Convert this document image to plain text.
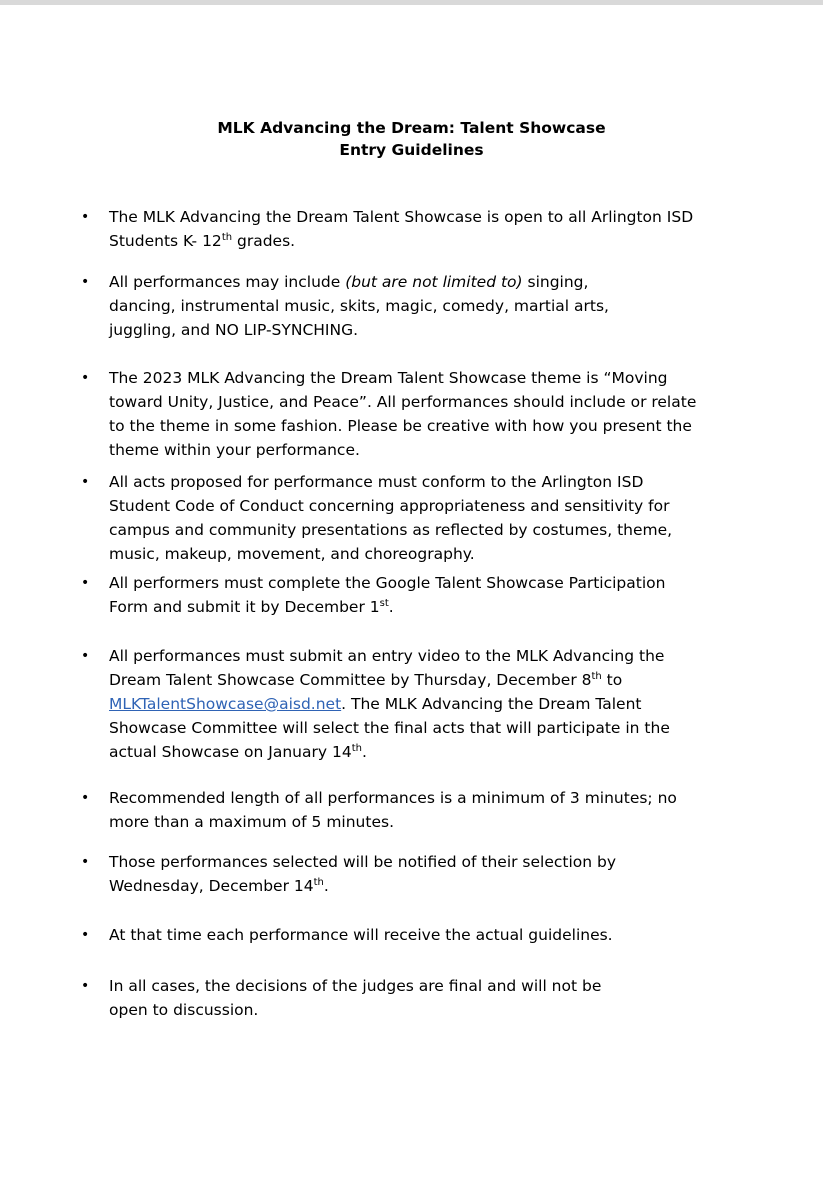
MLK Advancing the Dream: Talent Showcase
Entry Guidelines
• The MLK Advancing the Dream Talent Showcase is open to all Arlington ISD
Students K- 12th grades.
• All performances may include (but are not limited to) singing,
dancing, instrumental music, skits, magic, comedy, martial arts,
juggling, and NO LIP-SYNCHING.
• The 2023 MLK Advancing the Dream Talent Showcase theme is “Moving
toward Unity, Justice, and Peace”. All performances should include or relate
to the theme in some fashion. Please be creative with how you present the
theme within your performance.
• All acts proposed for performance must conform to the Arlington ISD
Student Code of Conduct concerning appropriateness and sensitivity for
campus and community presentations as reflected by costumes, theme,
music, makeup, movement, and choreography.
• All performers must complete the Google Talent Showcase Participation
Form and submit it by December 1st.
• All performances must submit an entry video to the MLK Advancing the
Dream Talent Showcase Committee by Thursday, December 8th to
MLKTalentShowcase@aisd.net. The MLK Advancing the Dream Talent
Showcase Committee will select the final acts that will participate in the
actual Showcase on January 14th.
• Recommended length of all performances is a minimum of 3 minutes; no
more than a maximum of 5 minutes.
• Those performances selected will be notified of their selection by
Wednesday, December 14th.
• At that time each performance will receive the actual guidelines.
• In all cases, the decisions of the judges are final and will not be
open to discussion.
